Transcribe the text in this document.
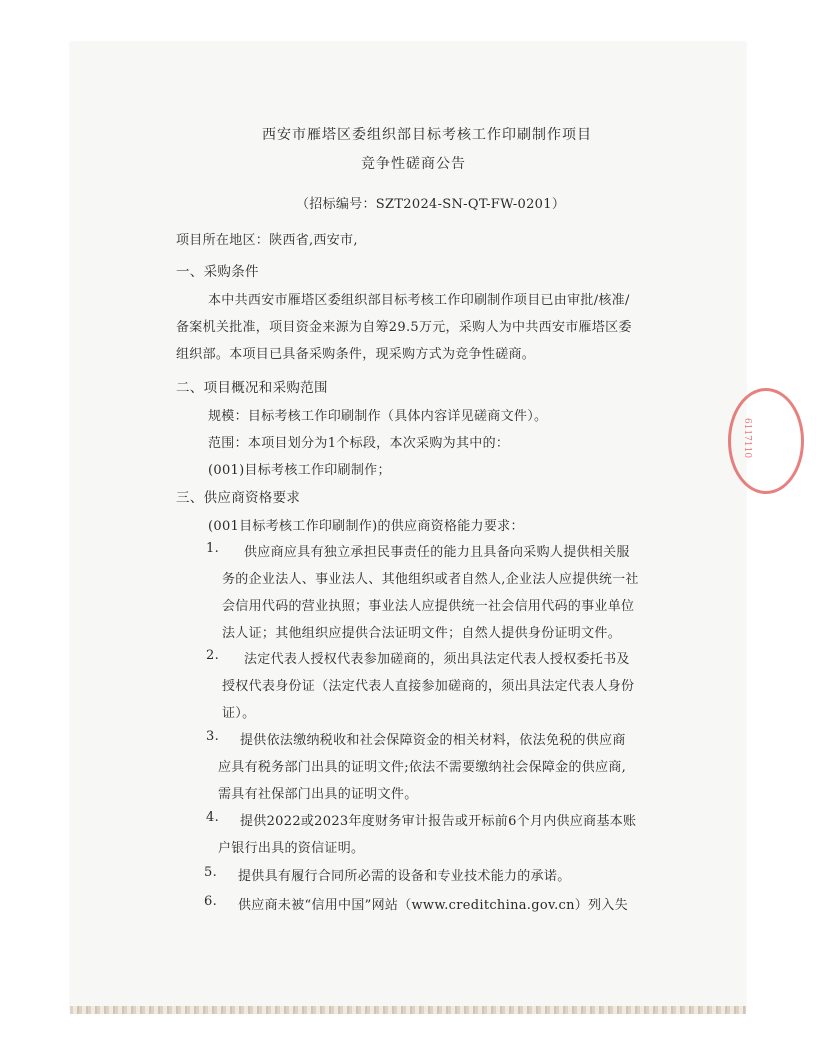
6117110
西安市雁塔区委组织部目标考核工作印刷制作项目
竞争性磋商公告
（招标编号：SZT2024-SN-QT-FW-0201）
项目所在地区：陕西省,西安市,
一、采购条件
本中共西安市雁塔区委组织部目标考核工作印刷制作项目已由审批/核准/
备案机关批准，项目资金来源为自筹29.5万元，采购人为中共西安市雁塔区委
组织部。本项目已具备采购条件，现采购方式为竞争性磋商。
二、项目概况和采购范围
规模：目标考核工作印刷制作（具体内容详见磋商文件）。
范围：本项目划分为1个标段，本次采购为其中的：
(001)目标考核工作印刷制作；
三、供应商资格要求
(001目标考核工作印刷制作)的供应商资格能力要求：
1. 供应商应具有独立承担民事责任的能力且具备向采购人提供相关服
务的企业法人、事业法人、其他组织或者自然人,企业法人应提供统一社
会信用代码的营业执照；事业法人应提供统一社会信用代码的事业单位
法人证；其他组织应提供合法证明文件；自然人提供身份证明文件。
2. 法定代表人授权代表参加磋商的，须出具法定代表人授权委托书及
授权代表身份证（法定代表人直接参加磋商的，须出具法定代表人身份
证）。
3. 提供依法缴纳税收和社会保障资金的相关材料，依法免税的供应商
应具有税务部门出具的证明文件;依法不需要缴纳社会保障金的供应商,
需具有社保部门出具的证明文件。
4. 提供2022或2023年度财务审计报告或开标前6个月内供应商基本账
户银行出具的资信证明。
5. 提供具有履行合同所必需的设备和专业技术能力的承诺。
6. 供应商未被“信用中国”网站（www.creditchina.gov.cn）列入失
